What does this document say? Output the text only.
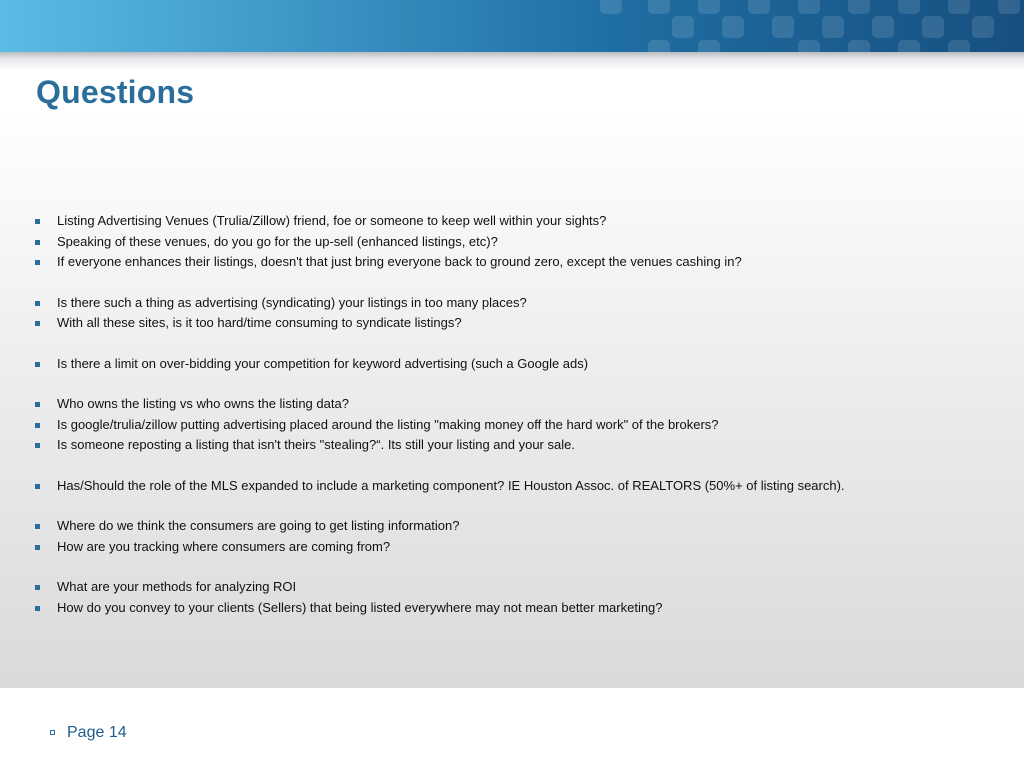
Questions
Listing Advertising Venues (Trulia/Zillow) friend, foe or someone to keep well within your sights?
Speaking of these venues, do you go for the up-sell (enhanced listings, etc)?
If everyone enhances their listings, doesn't that just bring everyone back to ground zero, except the venues cashing in?
Is there such a thing as advertising (syndicating) your listings in too many places?
With all these sites, is it too hard/time consuming to syndicate listings?
Is there a limit on over-bidding your competition for keyword advertising (such a Google ads)
Who owns the listing vs who owns the listing data?
Is google/trulia/zillow putting advertising placed around the listing "making money off the hard work" of the brokers?
Is someone reposting a listing that isn't theirs "stealing?“. Its still your listing and your sale.
Has/Should the role of the MLS expanded to include a marketing component? IE Houston Assoc. of REALTORS (50%+ of listing search).
Where do we think the consumers are going to get listing information?
How are you tracking where consumers are coming from?
What are your methods for analyzing ROI
How do you convey to your clients (Sellers) that being listed everywhere may not mean better marketing?
Page 14
